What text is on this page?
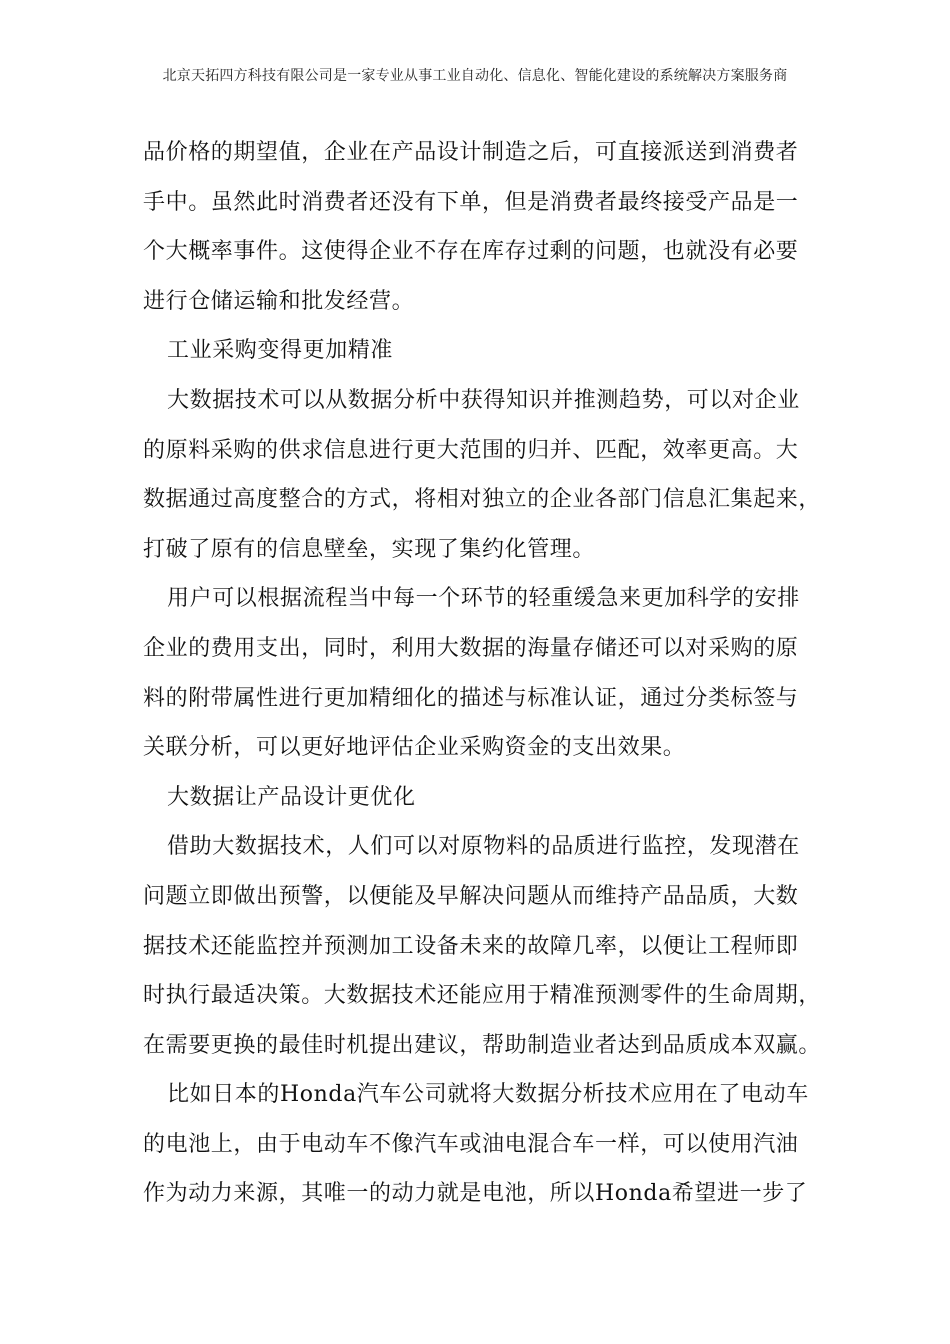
北京天拓四方科技有限公司是一家专业从事工业自动化、信息化、智能化建设的系统解决方案服务商
品价格的期望值，企业在产品设计制造之后，可直接派送到消费者
手中。虽然此时消费者还没有下单，但是消费者最终接受产品是一
个大概率事件。这使得企业不存在库存过剩的问题，也就没有必要
进行仓储运输和批发经营。
工业采购变得更加精准
大数据技术可以从数据分析中获得知识并推测趋势，可以对企业
的原料采购的供求信息进行更大范围的归并、匹配，效率更高。大
数据通过高度整合的方式，将相对独立的企业各部门信息汇集起来，
打破了原有的信息壁垒，实现了集约化管理。
用户可以根据流程当中每一个环节的轻重缓急来更加科学的安排
企业的费用支出，同时，利用大数据的海量存储还可以对采购的原
料的附带属性进行更加精细化的描述与标准认证，通过分类标签与
关联分析，可以更好地评估企业采购资金的支出效果。
大数据让产品设计更优化
借助大数据技术，人们可以对原物料的品质进行监控，发现潜在
问题立即做出预警，以便能及早解决问题从而维持产品品质，大数
据技术还能监控并预测加工设备未来的故障几率，以便让工程师即
时执行最适决策。大数据技术还能应用于精准预测零件的生命周期，
在需要更换的最佳时机提出建议，帮助制造业者达到品质成本双赢。
比如日本的Honda汽车公司就将大数据分析技术应用在了电动车
的电池上，由于电动车不像汽车或油电混合车一样，可以使用汽油
作为动力来源，其唯一的动力就是电池，所以Honda希望进一步了
